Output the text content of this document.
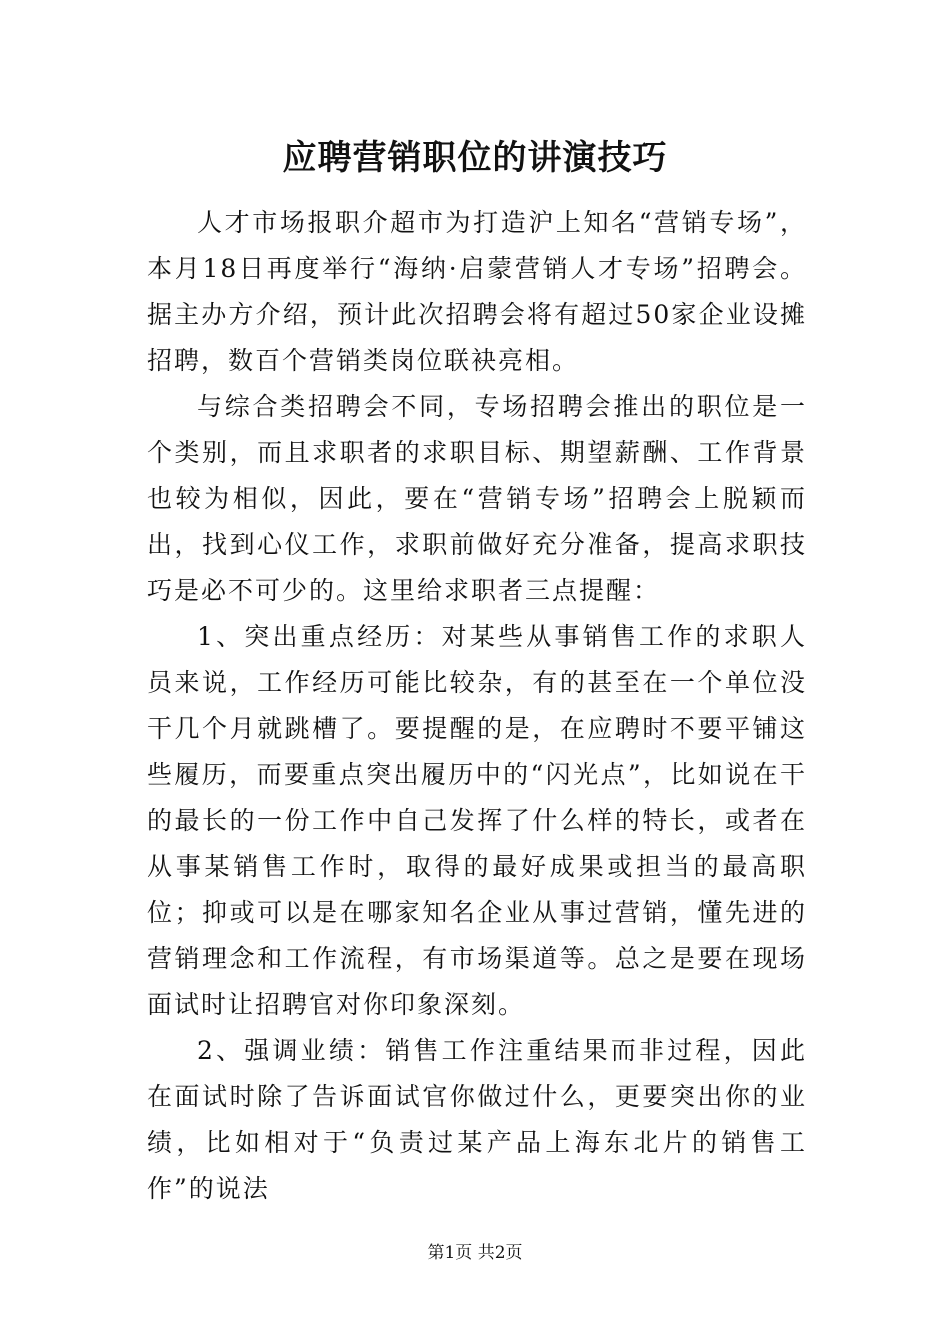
应聘营销职位的讲演技巧

人才市场报职介超市为打造沪上知名“营销专场”，本月18日再度举行“海纳·启蒙营销人才专场”招聘会。据主办方介绍，预计此次招聘会将有超过50家企业设摊招聘，数百个营销类岗位联袂亮相。

与综合类招聘会不同，专场招聘会推出的职位是一个类别，而且求职者的求职目标、期望薪酬、工作背景也较为相似，因此，要在“营销专场”招聘会上脱颖而出，找到心仪工作，求职前做好充分准备，提高求职技巧是必不可少的。这里给求职者三点提醒：

1、突出重点经历：对某些从事销售工作的求职人员来说，工作经历可能比较杂，有的甚至在一个单位没干几个月就跳槽了。要提醒的是，在应聘时不要平铺这些履历，而要重点突出履历中的“闪光点”，比如说在干的最长的一份工作中自己发挥了什么样的特长，或者在从事某销售工作时，取得的最好成果或担当的最高职位；抑或可以是在哪家知名企业从事过营销，懂先进的营销理念和工作流程，有市场渠道等。总之是要在现场面试时让招聘官对你印象深刻。

2、强调业绩：销售工作注重结果而非过程，因此在面试时除了告诉面试官你做过什么，更要突出你的业绩，比如相对于“负责过某产品上海东北片的销售工作”的说法

第1页 共2页
